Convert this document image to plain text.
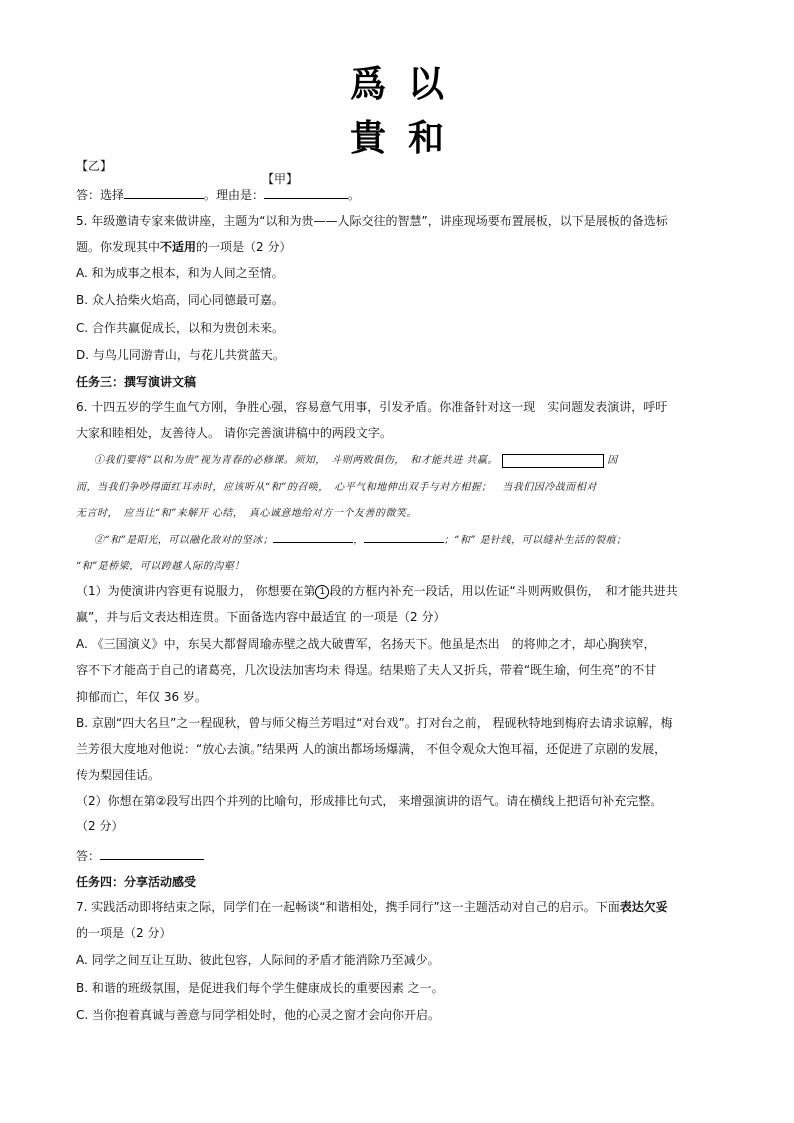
爲以
貴和
【乙】
【甲】
答：选择	。理由是：	。
5. 年级邀请专家来做讲座，主题为“以和为贵——人际交往的智慧”，讲座现场要布置展板，以下是展板的备选标
题。你发现其中不适用的一项是（2 分）
A. 和为成事之根本，和为人间之至情。
B. 众人拾柴火焰高，同心同德最可嘉。
C. 合作共赢促成长，以和为贵创未来。
D. 与鸟儿同游青山，与花儿共赏蓝天。
任务三：撰写演讲文稿
6. 十四五岁的学生血气方刚，争胜心强，容易意气用事，引发矛盾。你准备针对这一现　实问题发表演讲，呼吁
大家和睦相处，友善待人。 请你完善演讲稿中的两段文字。
①我们要将“以和为贵”视为青春的必修课。须知，　斗则两败俱伤，　和才能共进 共赢。	因
而，当我们争吵得面红耳赤时，应该听从“和”的召唤，　心平气和地伸出双手与对方相握；　当我们因冷战而相对
无言时，　应当让“和”来解开 心结，　真心诚意地给对方一个友善的微笑。
②“和”是阳光，可以融化敌对的坚冰；	，	；“和” 是针线，可以缝补生活的裂痕；
“和”是桥梁，可以跨越人际的沟壑！
（1）为使演讲内容更有说服力， 你想要在第 1 段的方框内补充一段话，用以佐证“斗则两败俱伤，　和才能共进共
赢”，并与后文表达相连贯。下面备选内容中最适宜 的一项是（2 分）
A. 《三国演义》中，东吴大都督周瑜赤壁之战大破曹军，名扬天下。他虽是杰出　的将帅之才，却心胸狭窄，
容不下才能高于自己的诸葛亮，几次设法加害均未 得逞。结果赔了夫人又折兵，带着“既生瑜，何生亮”的不甘
抑郁而亡，年仅 36 岁。
B. 京剧“四大名旦”之一程砚秋，曾与师父梅兰芳唱过“对台戏”。打对台之前， 程砚秋特地到梅府去请求谅解，梅
兰芳很大度地对他说：“放心去演。”结果两 人的演出都场场爆满， 不但令观众大饱耳福，还促进了京剧的发展，
传为梨园佳话。
（2）你想在第②段写出四个并列的比喻句，形成排比句式， 来增强演讲的语气。请在横线上把语句补充完整。
（2 分）
答：
任务四：分享活动感受
7. 实践活动即将结束之际，同学们在一起畅谈“和谐相处，携手同行”这一主题活动对自己的启示。下面表达欠妥
的一项是（2 分）
A. 同学之间互让互助、彼此包容，人际间的矛盾才能消除乃至减少。
B. 和谐的班级氛围，是促进我们每个学生健康成长的重要因素 之一。
C. 当你抱着真诚与善意与同学相处时，他的心灵之窗才会向你开启。
